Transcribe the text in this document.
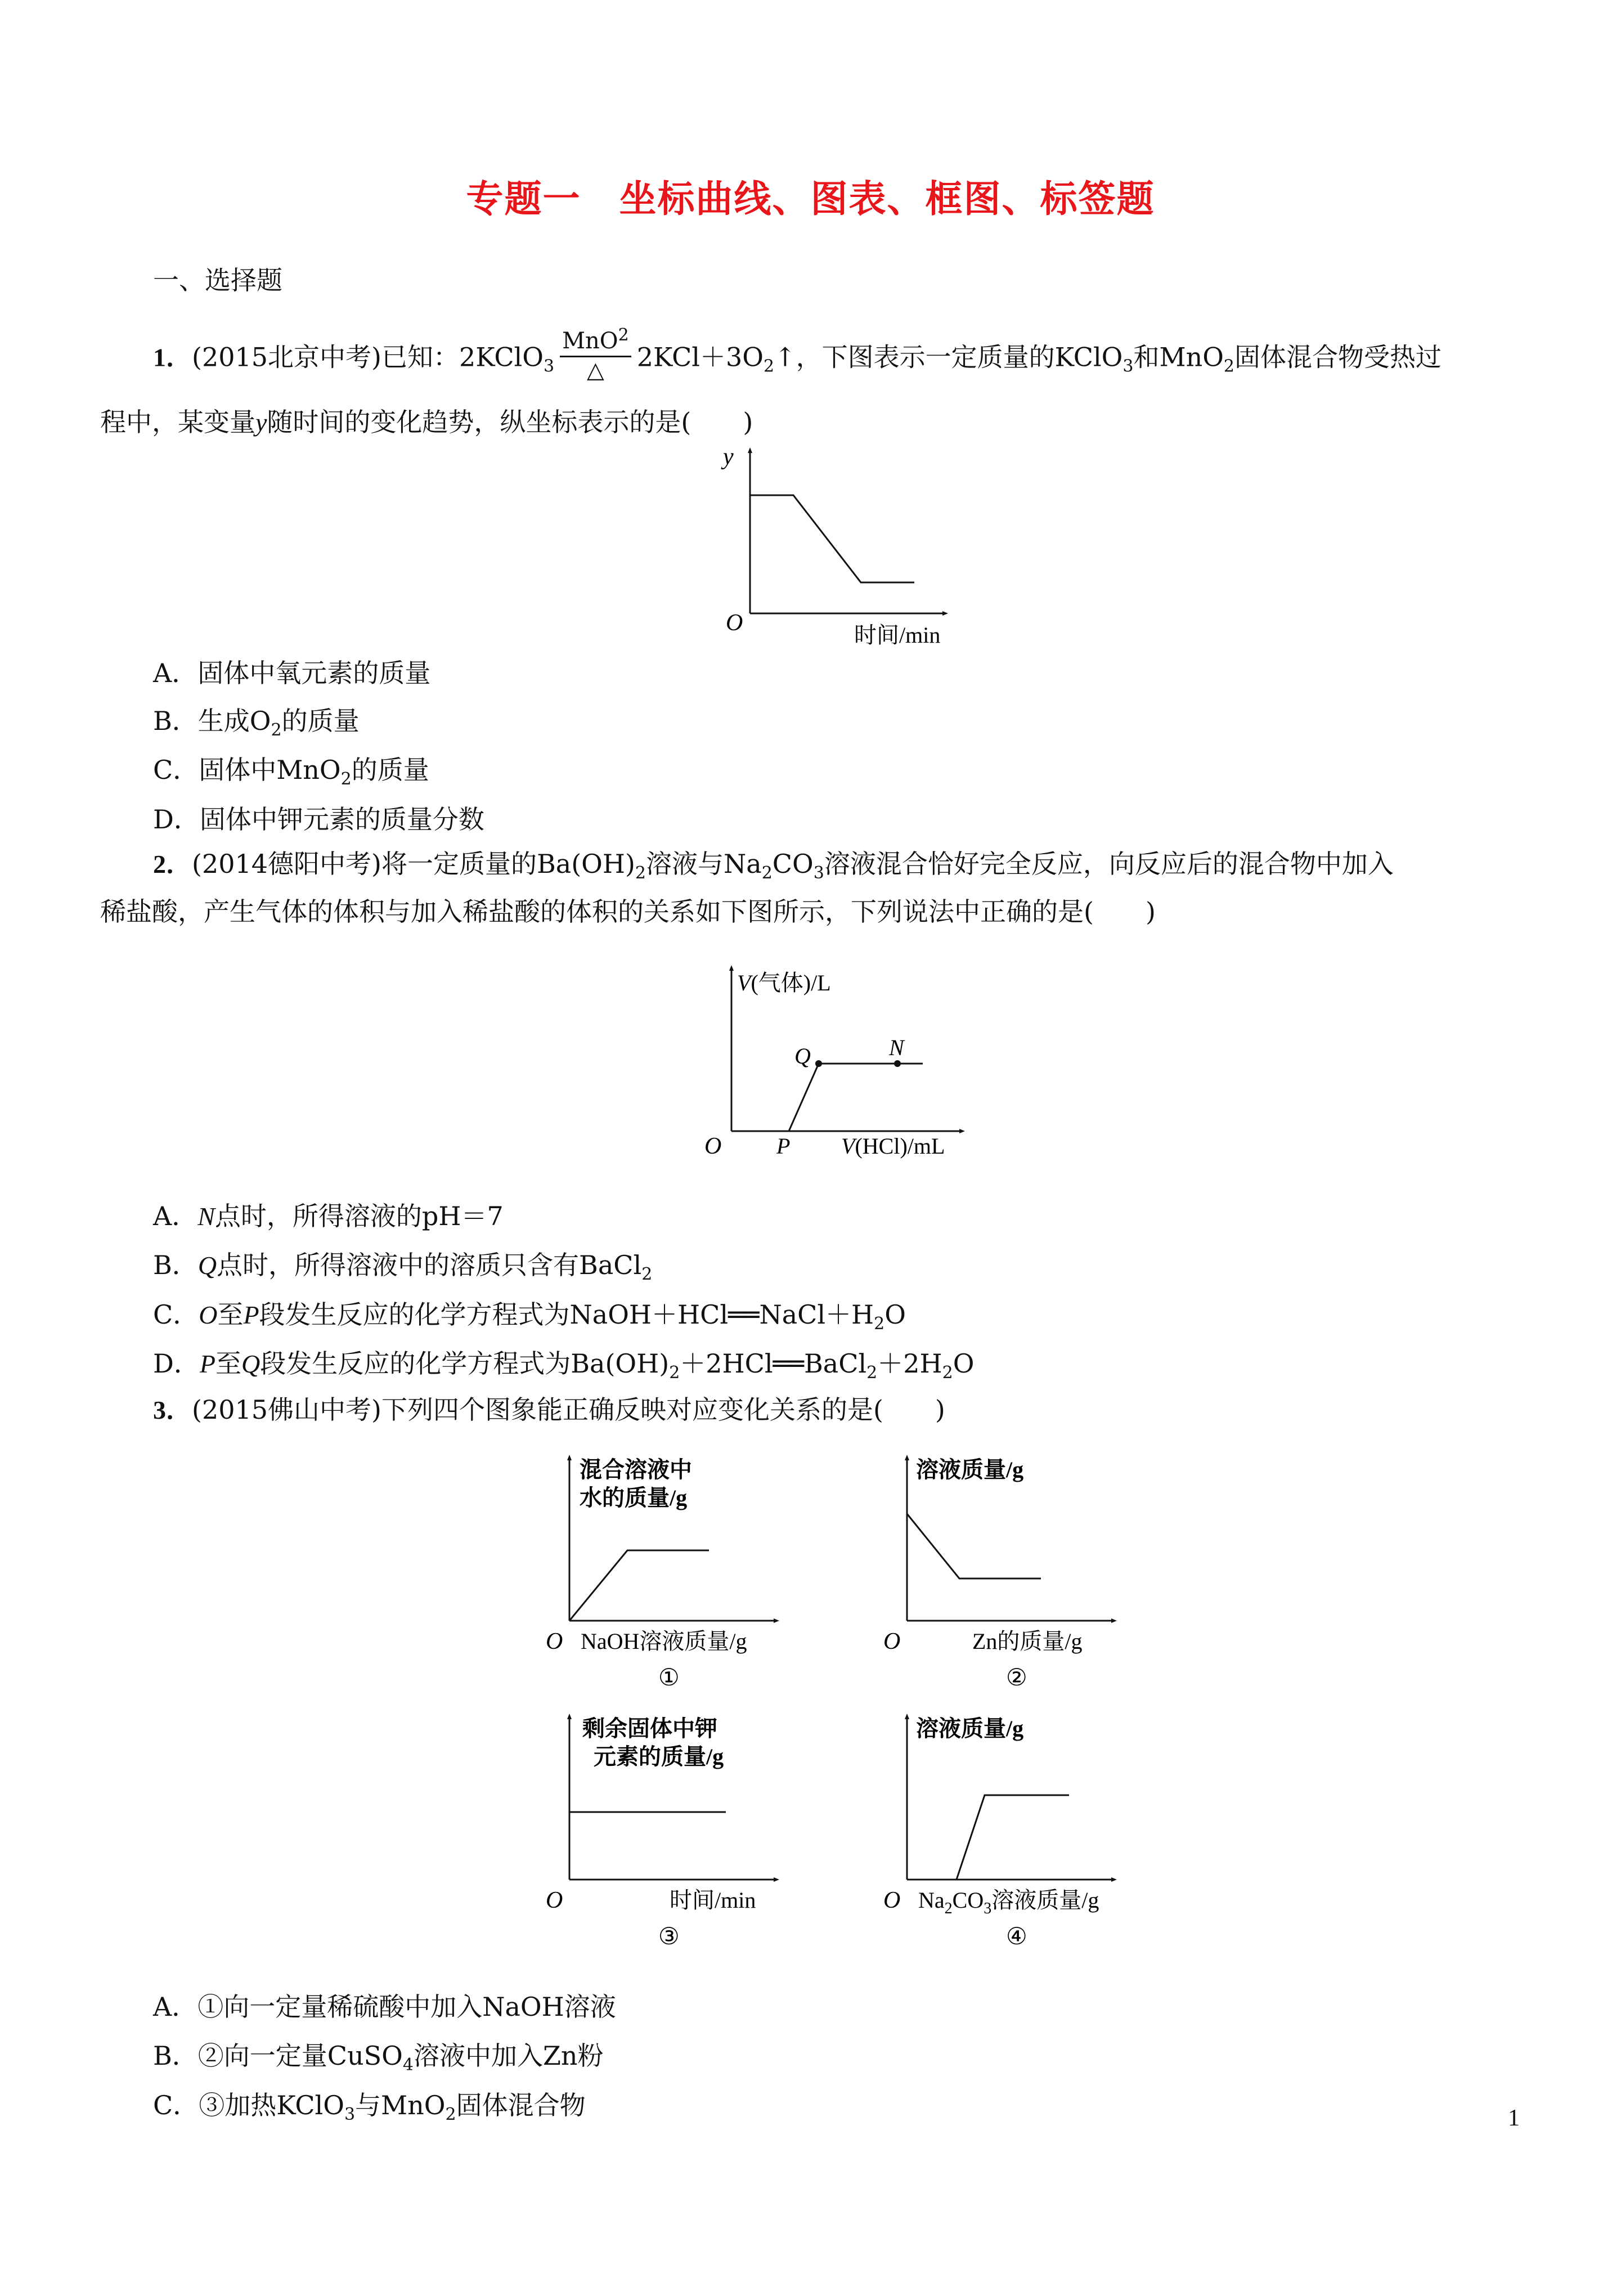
专题一　坐标曲线、图表、框图、标签题
一、选择题
1．(2015北京中考)已知：2KClO$_3$ $\frac{MnO^2}{\triangle}$ $2KCl+3O_2↑$，下图表示一定质量的KClO$_3$和MnO$_2$固体混合物受热过
程中，某变量y随时间的变化趋势，纵坐标表示的是(　　)
y
O	时间/min
A．固体中氧元素的质量
B．生成$O_2$的质量
C．固体中MnO$_2$的质量
D．固体中钾元素的质量分数
2．(2014德阳中考)将一定质量的$Ba(OH)_2$溶液与$Na_2CO_3$溶液混合恰好完全反应，向反应后的混合物中加入
稀盐酸，产生气体的体积与加入稀盐酸的体积的关系如下图所示，下列说法中正确的是(　　)
V(气体)/L
O P
Q	N
V(HCl)/mL
A．N点时，所得溶液的pH＝7
B．Q点时，所得溶液中的溶质只含有BaCl$_2$
C．O至P段发生反应的化学方程式为$NaOH+HCl══NaCl+H_2O$
D．P至Q段发生反应的化学方程式为$Ba(OH)_2+2HCl══BaCl_2+2H_2O$
3．(2015佛山中考)下列四个图象能正确反映对应变化关系的是(　　)
混合溶液中
水的质量/g
O NaOH溶液质量/g
①
溶液质量/g
O	Zn的质量/g
②
剩余固体中钾
元素的质量/g
O	时间/min
③
溶液质量/g
O $Na_2CO_3$溶液质量/g
④
A．①向一定量稀硫酸中加入NaOH溶液
B．②向一定量CuSO$_4$溶液中加入Zn粉
C．③加热KClO$_3$与MnO$_2$固体混合物	1
